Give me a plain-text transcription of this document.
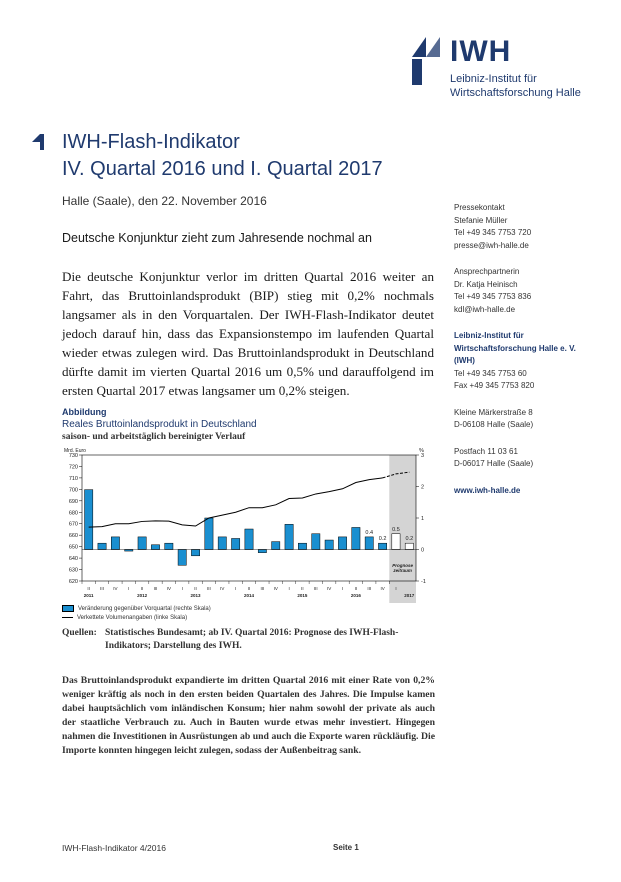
IWH
Leibniz-Institut für
Wirtschaftsforschung Halle
IWH-Flash-Indikator
IV. Quartal 2016 und I. Quartal 2017
Halle (Saale), den 22. November 2016
Deutsche Konjunktur zieht zum Jahresende nochmal an
Die deutsche Konjunktur verlor im dritten Quartal 2016 weiter an Fahrt, das Bruttoinlandsprodukt (BIP) stieg mit 0,2% nochmals langsamer als in den Vorquartalen. Der IWH-Flash-Indikator deutet jedoch darauf hin, dass das Expansionstempo im laufenden Quartal wieder etwas zulegen wird. Das Bruttoinlandsprodukt in Deutschland dürfte damit im vierten Quartal 2016 um 0,5% und darauffolgend im ersten Quartal 2017 etwas langsamer um 0,2% steigen.
Pressekontakt
Stefanie Müller
Tel +49 345 7753 720
presse@iwh-halle.de
Ansprechpartnerin
Dr. Katja Heinisch
Tel +49 345 7753 836
kdl@iwh-halle.de
Leibniz-Institut für
Wirtschaftsforschung Halle e. V.
(IWH)
Tel +49 345 7753 60
Fax +49 345 7753 820
Kleine Märkerstraße 8
D-06108 Halle (Saale)
Postfach 11 03 61
D-06017 Halle (Saale)
www.iwh-halle.de
Abbildung
Reales Bruttoinlandsprodukt in Deutschland
saison- und arbeitstäglich bereinigter Verlauf
620
630
640
650
660
670
680
690
700
710
720
730
-1
0
1
2
3
Mrd. Euro	%
0.4
0.2
0.5
0.2
II III IV I	II III IV I	II III IV I	II III IV I	II III IV I	II III IV I
2011	2012	2013	2014	2015	2016	2017
Prognose
zeitraum
Veränderung gegenüber Vorquartal (rechte Skala)
Verkettete Volumenangaben (linke Skala)
Quellen: Statistisches Bundesamt; ab IV. Quartal 2016: Prognose des IWH-Flash-Indikators; Darstellung des IWH.
Das Bruttoinlandsprodukt expandierte im dritten Quartal 2016 mit einer Rate von 0,2% weniger kräftig als noch in den ersten beiden Quartalen des Jahres. Die Impulse kamen dabei hauptsächlich vom inländischen Konsum; hier nahm sowohl der private als auch der staatliche Verbrauch zu. Auch in Bauten wurde etwas mehr investiert. Hingegen nahmen die Investitionen in Ausrüstungen ab und auch die Exporte waren rückläufig. Die Importe konnten hingegen leicht zulegen, sodass der Außenbeitrag sank.
IWH-Flash-Indikator 4/2016	Seite 1
